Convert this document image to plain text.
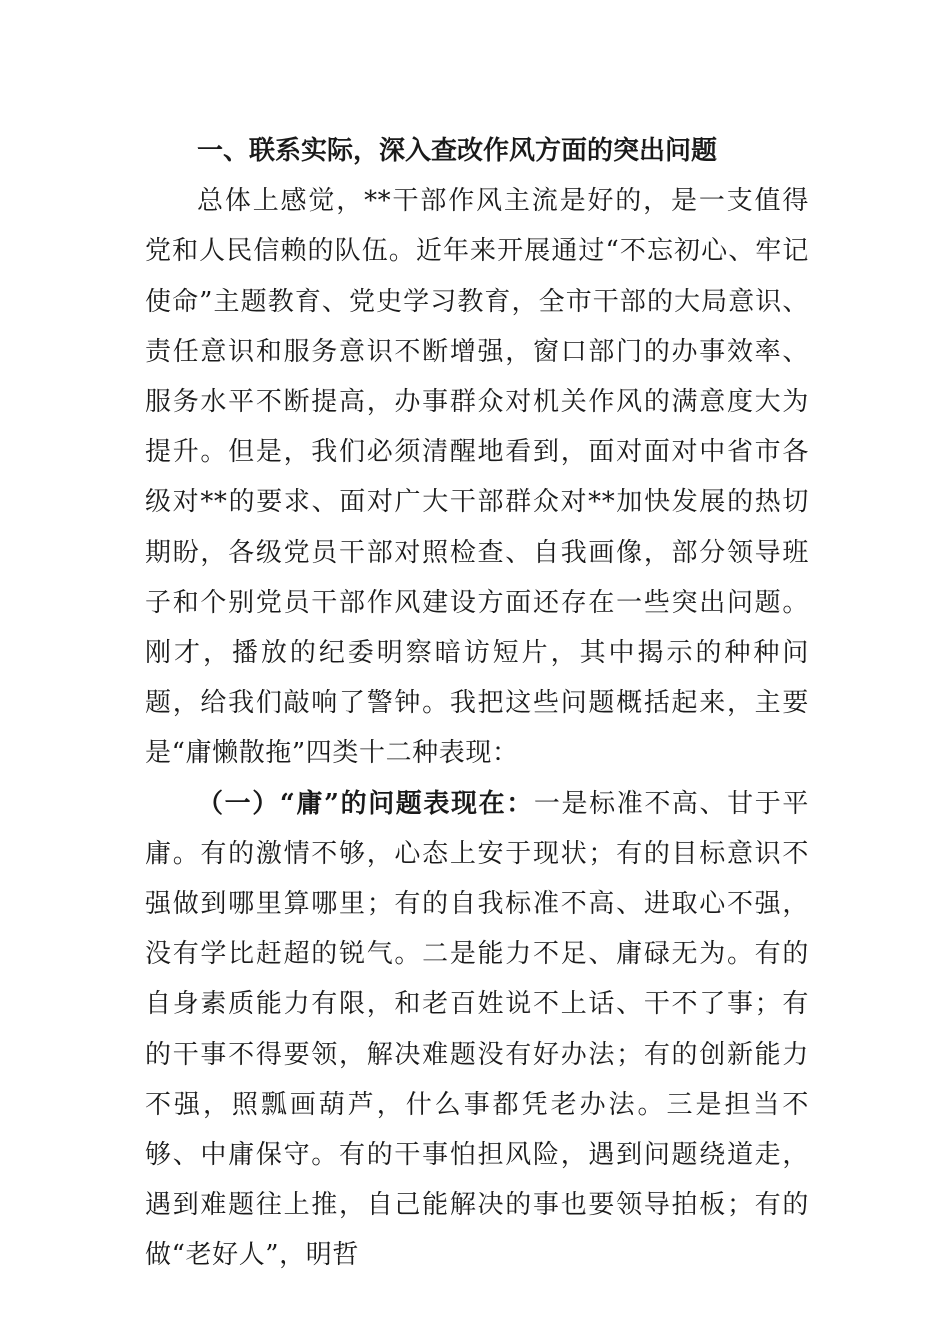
一、联系实际，深入查改作风方面的突出问题

总体上感觉，**干部作风主流是好的，是一支值得党和人民信赖的队伍。近年来开展通过“不忘初心、牢记使命”主题教育、党史学习教育，全市干部的大局意识、责任意识和服务意识不断增强，窗口部门的办事效率、服务水平不断提高，办事群众对机关作风的满意度大为提升。但是，我们必须清醒地看到，面对面对中省市各级对**的要求、面对广大干部群众对**加快发展的热切期盼，各级党员干部对照检查、自我画像，部分领导班子和个别党员干部作风建设方面还存在一些突出问题。刚才，播放的纪委明察暗访短片，其中揭示的种种问题，给我们敲响了警钟。我把这些问题概括起来，主要是“庸懒散拖”四类十二种表现：

（一）“庸”的问题表现在：一是标准不高、甘于平庸。有的激情不够，心态上安于现状；有的目标意识不强做到哪里算哪里；有的自我标准不高、进取心不强，没有学比赶超的锐气。二是能力不足、庸碌无为。有的自身素质能力有限，和老百姓说不上话、干不了事；有的干事不得要领，解决难题没有好办法；有的创新能力不强，照瓢画葫芦，什么事都凭老办法。三是担当不够、中庸保守。有的干事怕担风险，遇到问题绕道走，遇到难题往上推，自己能解决的事也要领导拍板；有的做“老好人”，明哲
